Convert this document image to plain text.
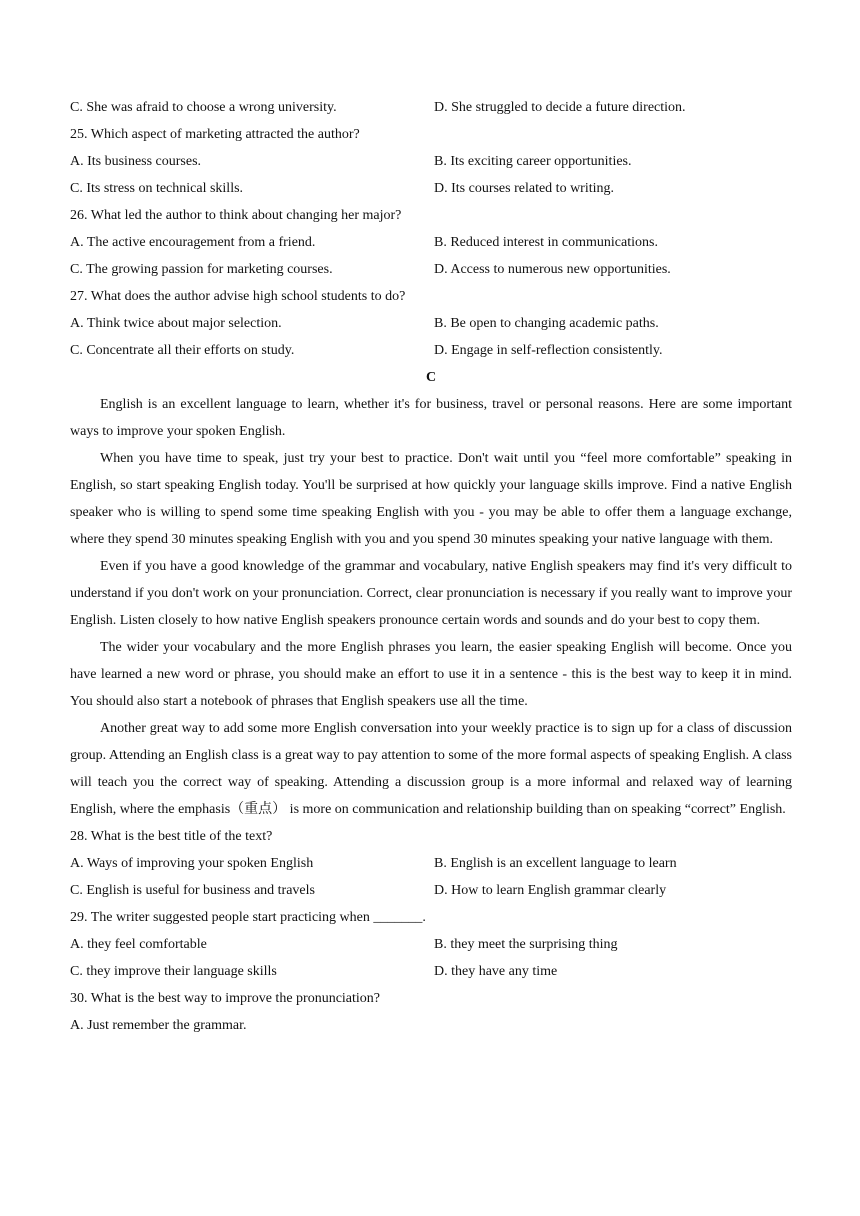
C. She was afraid to choose a wrong university.	D. She struggled to decide a future direction.
25. Which aspect of marketing attracted the author?
A. Its business courses.	B. Its exciting career opportunities.
C. Its stress on technical skills.	D. Its courses related to writing.
26. What led the author to think about changing her major?
A. The active encouragement from a friend.	B. Reduced interest in communications.
C. The growing passion for marketing courses.	D. Access to numerous new opportunities.
27. What does the author advise high school students to do?
A. Think twice about major selection.	B. Be open to changing academic paths.
C. Concentrate all their efforts on study.	D. Engage in self-reflection consistently.
C
English is an excellent language to learn, whether it's for business, travel or personal reasons. Here are some important ways to improve your spoken English.
When you have time to speak, just try your best to practice. Don't wait until you “feel more comfortable” speaking in English, so start speaking English today. You'll be surprised at how quickly your language skills improve. Find a native English speaker who is willing to spend some time speaking English with you - you may be able to offer them a language exchange, where they spend 30 minutes speaking English with you and you spend 30 minutes speaking your native language with them.
Even if you have a good knowledge of the grammar and vocabulary, native English speakers may find it's very difficult to understand if you don't work on your pronunciation. Correct, clear pronunciation is necessary if you really want to improve your English. Listen closely to how native English speakers pronounce certain words and sounds and do your best to copy them.
The wider your vocabulary and the more English phrases you learn, the easier speaking English will become. Once you have learned a new word or phrase, you should make an effort to use it in a sentence - this is the best way to keep it in mind. You should also start a notebook of phrases that English speakers use all the time.
Another great way to add some more English conversation into your weekly practice is to sign up for a class of discussion group. Attending an English class is a great way to pay attention to some of the more formal aspects of speaking English. A class will teach you the correct way of speaking. Attending a discussion group is a more informal and relaxed way of learning English, where the emphasis（重点） is more on communication and relationship building than on speaking “correct” English.
28. What is the best title of the text?
A. Ways of improving your spoken English	B. English is an excellent language to learn
C. English is useful for business and travels	D. How to learn English grammar clearly
29. The writer suggested people start practicing when _______.
A. they feel comfortable	B. they meet the surprising thing
C. they improve their language skills	D. they have any time
30. What is the best way to improve the pronunciation?
A. Just remember the grammar.
